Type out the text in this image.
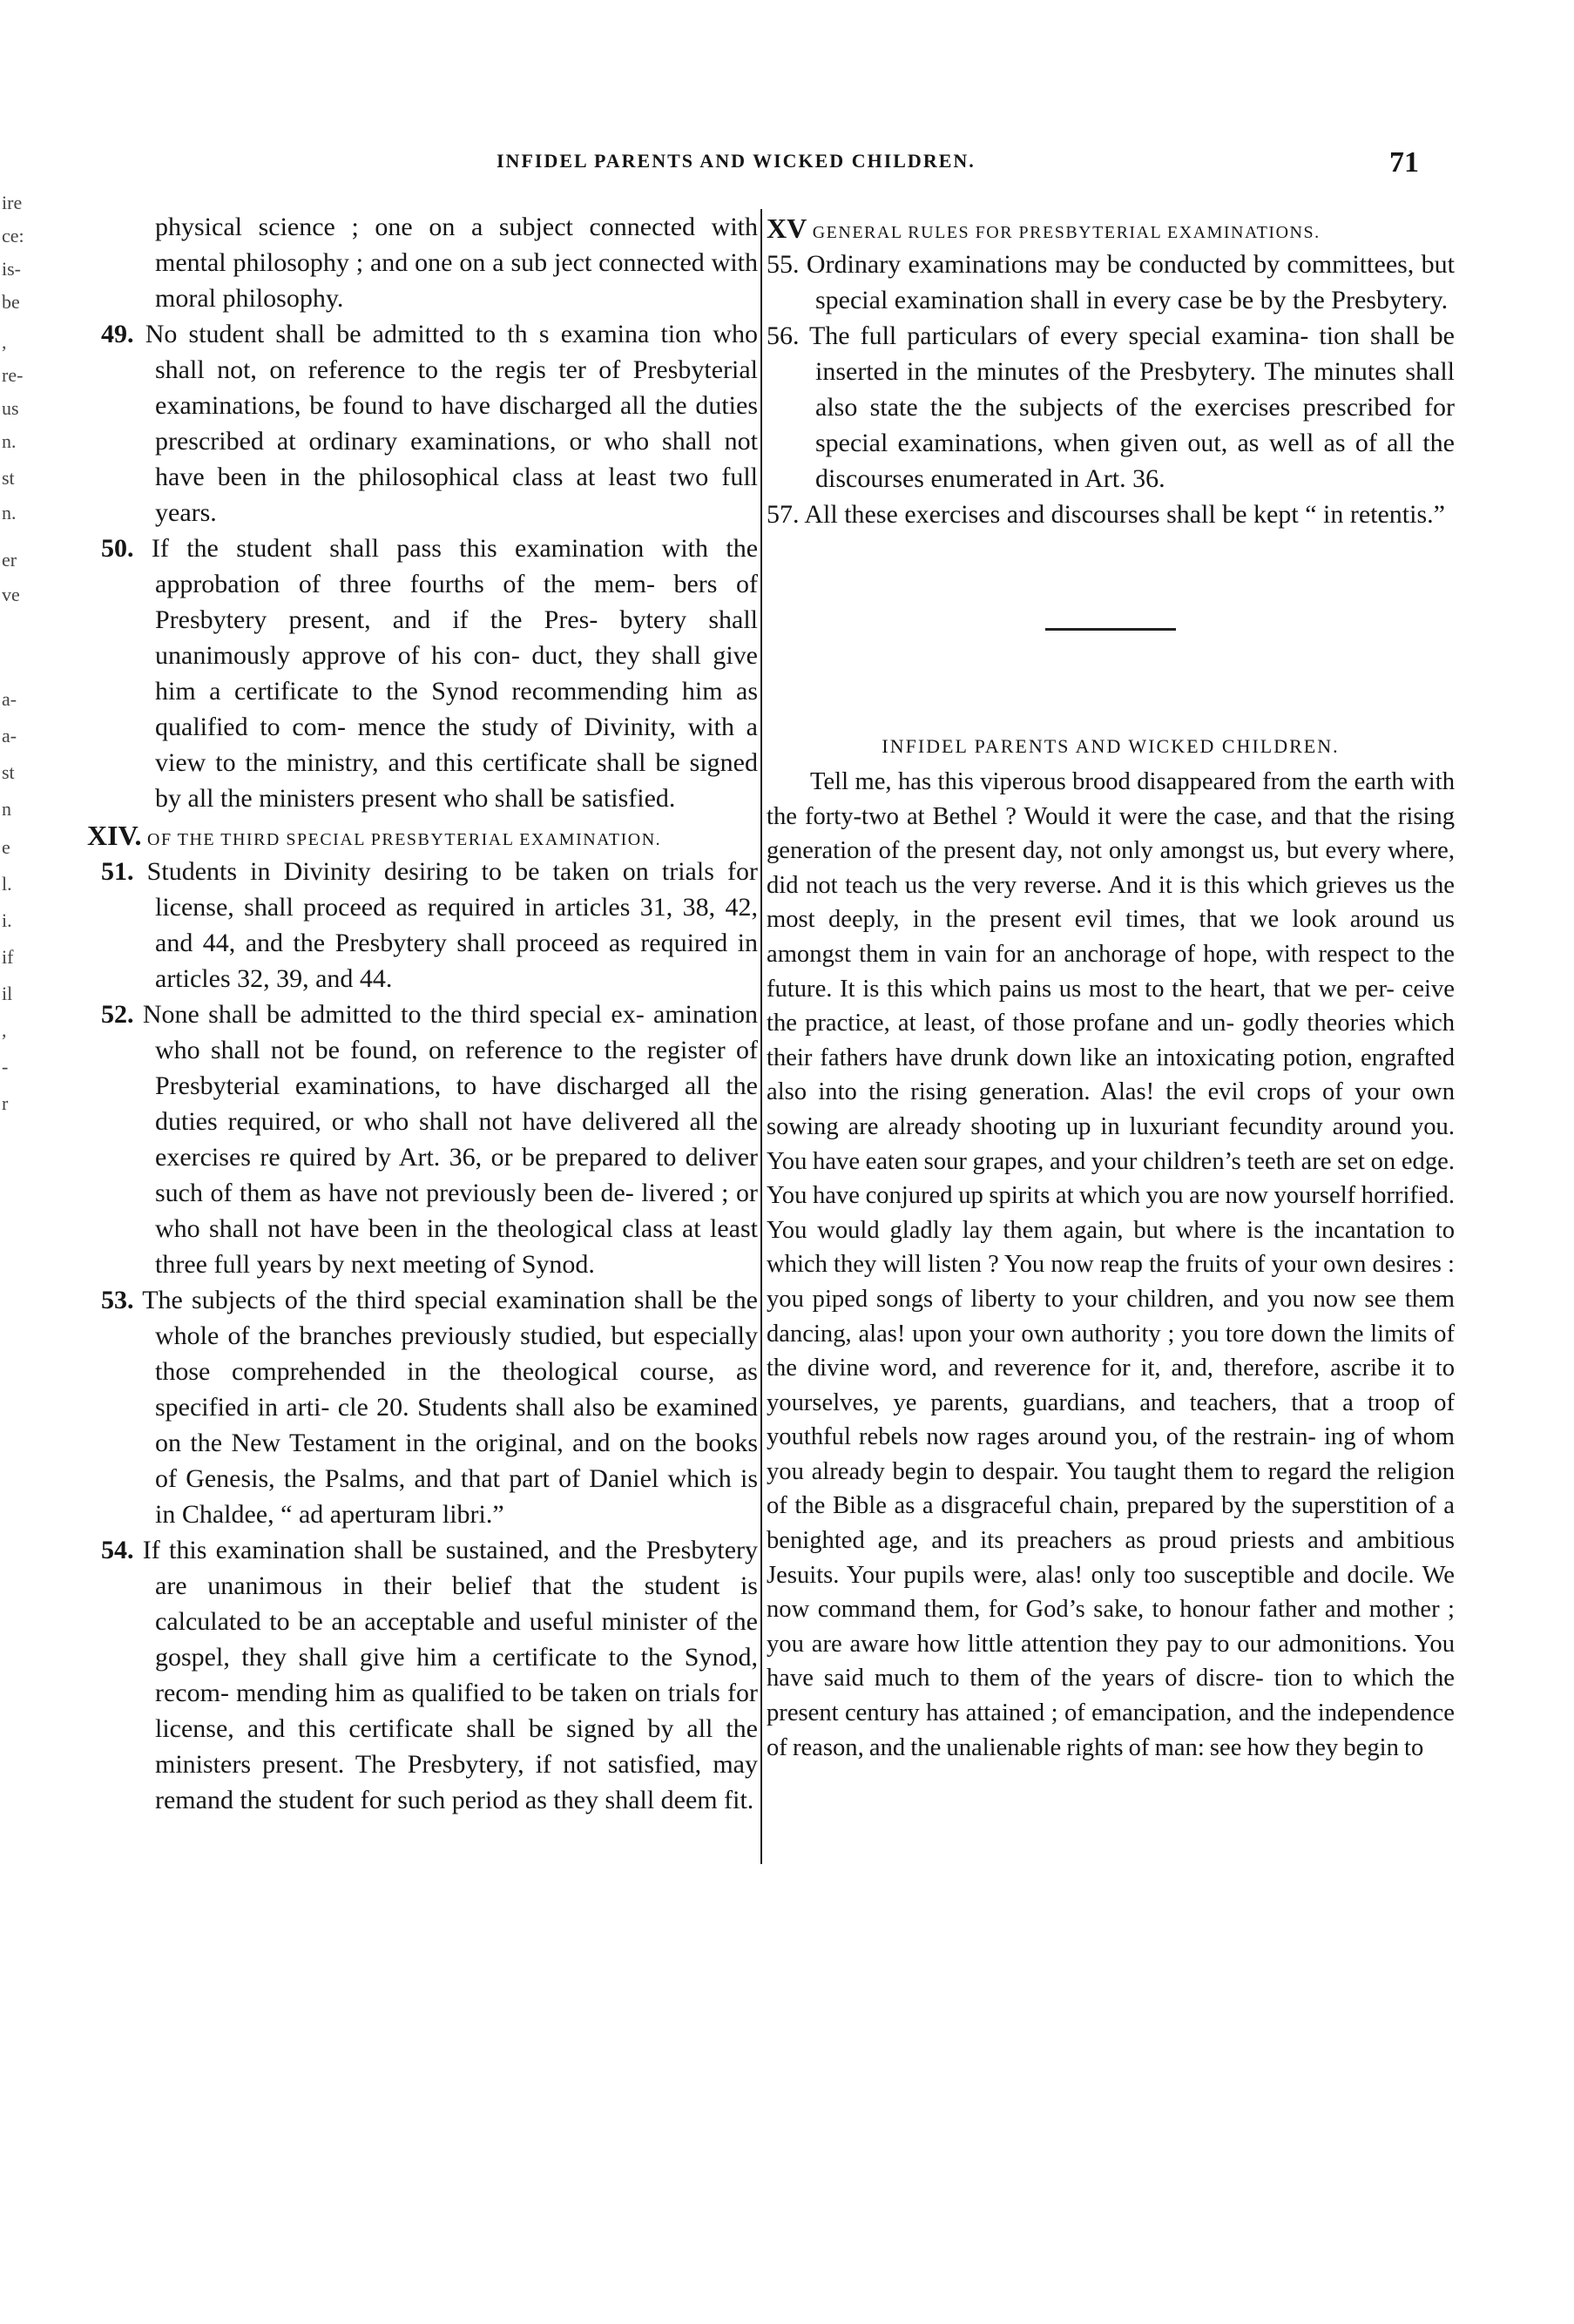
INFIDEL PARENTS AND WICKED CHILDREN.	71
ire
ce:
is-
be
,
re-
us
n.
st
n.
er
ve
a-
a-
st
n
e
l.
i.
if
il
,
-
r

physical science ; one on a subject connected with mental philosophy ; and one on a sub ject connected with moral philosophy.

49. No student shall be admitted to th s examina tion who shall not, on reference to the regis ter of Presbyterial examinations, be found to have discharged all the duties prescribed at ordinary examinations, or who shall not have been in the philosophical class at least two full years.

50. If the student shall pass this examination with the approbation of three fourths of the mem- bers of Presbytery present, and if the Pres- bytery shall unanimously approve of his con- duct, they shall give him a certificate to the Synod recommending him as qualified to com- mence the study of Divinity, with a view to the ministry, and this certificate shall be signed by all the ministers present who shall be satisfied.

XIV. OF THE THIRD SPECIAL PRESBYTERIAL EXAMINATION.

51. Students in Divinity desiring to be taken on trials for license, shall proceed as required in articles 31, 38, 42, and 44, and the Presbytery shall proceed as required in articles 32, 39, and 44.

52. None shall be admitted to the third special ex- amination who shall not be found, on reference to the register of Presbyterial examinations, to have discharged all the duties required, or who shall not have delivered all the exercises re quired by Art. 36, or be prepared to deliver such of them as have not previously been de- livered ; or who shall not have been in the theological class at least three full years by next meeting of Synod.

53. The subjects of the third special examination shall be the whole of the branches previously studied, but especially those comprehended in the theological course, as specified in arti- cle 20. Students shall also be examined on the New Testament in the original, and on the books of Genesis, the Psalms, and that part of Daniel which is in Chaldee, “ ad aperturam libri.”

54. If this examination shall be sustained, and the Presbytery are unanimous in their belief that the student is calculated to be an acceptable and useful minister of the gospel, they shall give him a certificate to the Synod, recom- mending him as qualified to be taken on trials for license, and this certificate shall be signed by all the ministers present. The Presbytery, if not satisfied, may remand the student for such period as they shall deem fit.

XV GENERAL RULES FOR PRESBYTERIAL EXAMINATIONS.

55. Ordinary examinations may be conducted by committees, but special examination shall in every case be by the Presbytery.

56. The full particulars of every special examina- tion shall be inserted in the minutes of the Presbytery. The minutes shall also state the the subjects of the exercises prescribed for special examinations, when given out, as well as of all the discourses enumerated in Art. 36.

57. All these exercises and discourses shall be kept “ in retentis.”

INFIDEL PARENTS AND WICKED CHILDREN.

Tell me, has this viperous brood disappeared from the earth with the forty-two at Bethel ? Would it were the case, and that the rising generation of the present day, not only amongst us, but every where, did not teach us the very reverse. And it is this which grieves us the most deeply, in the present evil times, that we look around us amongst them in vain for an anchorage of hope, with respect to the future. It is this which pains us most to the heart, that we per- ceive the practice, at least, of those profane and un- godly theories which their fathers have drunk down like an intoxicating potion, engrafted also into the rising generation. Alas! the evil crops of your own sowing are already shooting up in luxuriant fecundity around you. You have eaten sour grapes, and your children’s teeth are set on edge. You have conjured up spirits at which you are now yourself horrified. You would gladly lay them again, but where is the incantation to which they will listen ? You now reap the fruits of your own desires : you piped songs of liberty to your children, and you now see them dancing, alas! upon your own authority ; you tore down the limits of the divine word, and reverence for it, and, therefore, ascribe it to yourselves, ye parents, guardians, and teachers, that a troop of youthful rebels now rages around you, of the restrain- ing of whom you already begin to despair. You taught them to regard the religion of the Bible as a disgraceful chain, prepared by the superstition of a benighted age, and its preachers as proud priests and ambitious Jesuits. Your pupils were, alas! only too susceptible and docile. We now command them, for God’s sake, to honour father and mother ; you are aware how little attention they pay to our admonitions. You have said much to them of the years of discre- tion to which the present century has attained ; of emancipation, and the independence of reason, and the unalienable rights of man: see how they begin to
